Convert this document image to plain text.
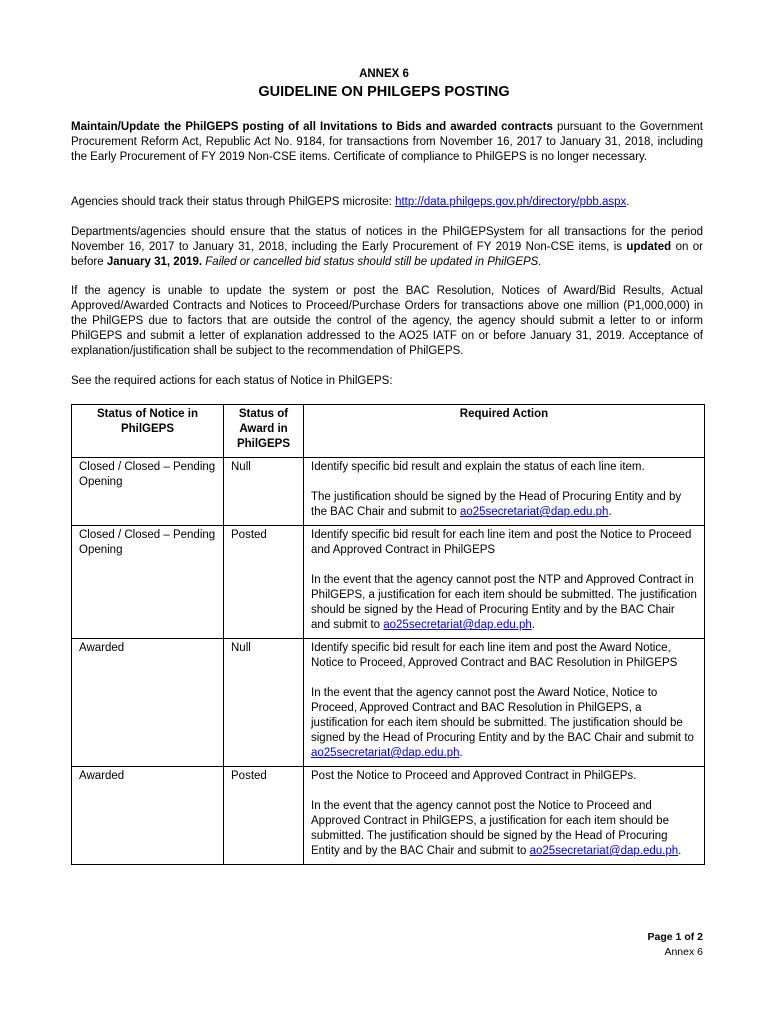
ANNEX 6
GUIDELINE ON PHILGEPS POSTING
Maintain/Update the PhilGEPS posting of all Invitations to Bids and awarded contracts pursuant to the Government Procurement Reform Act, Republic Act No. 9184, for transactions from November 16, 2017 to January 31, 2018, including the Early Procurement of FY 2019 Non-CSE items. Certificate of compliance to PhilGEPS is no longer necessary.
Agencies should track their status through PhilGEPS microsite: http://data.philgeps.gov.ph/directory/pbb.aspx.
Departments/agencies should ensure that the status of notices in the PhilGEPSystem for all transactions for the period November 16, 2017 to January 31, 2018, including the Early Procurement of FY 2019 Non-CSE items, is updated on or before January 31, 2019. Failed or cancelled bid status should still be updated in PhilGEPS.
If the agency is unable to update the system or post the BAC Resolution, Notices of Award/Bid Results, Actual Approved/Awarded Contracts and Notices to Proceed/Purchase Orders for transactions above one million (P1,000,000) in the PhilGEPS due to factors that are outside the control of the agency, the agency should submit a letter to or inform PhilGEPS and submit a letter of explanation addressed to the AO25 IATF on or before January 31, 2019. Acceptance of explanation/justification shall be subject to the recommendation of PhilGEPS.
See the required actions for each status of Notice in PhilGEPS:
Status of Notice in PhilGEPS	Status of Award in PhilGEPS	Required Action
Closed / Closed – Pending Opening	Null	Identify specific bid result and explain the status of each line item.
The justification should be signed by the Head of Procuring Entity and by the BAC Chair and submit to ao25secretariat@dap.edu.ph.

Closed / Closed – Pending Opening	Posted	Identify specific bid result for each line item and post the Notice to Proceed and Approved Contract in PhilGEPS
In the event that the agency cannot post the NTP and Approved Contract in PhilGEPS, a justification for each item should be submitted. The justification should be signed by the Head of Procuring Entity and by the BAC Chair and submit to ao25secretariat@dap.edu.ph.

Awarded	Null	Identify specific bid result for each line item and post the Award Notice, Notice to Proceed, Approved Contract and BAC Resolution in PhilGEPS
In the event that the agency cannot post the Award Notice, Notice to Proceed, Approved Contract and BAC Resolution in PhilGEPS, a justification for each item should be submitted. The justification should be signed by the Head of Procuring Entity and by the BAC Chair and submit to ao25secretariat@dap.edu.ph.

Awarded	Posted	Post the Notice to Proceed and Approved Contract in PhilGEPs.
In the event that the agency cannot post the Notice to Proceed and Approved Contract in PhilGEPS, a justification for each item should be submitted. The justification should be signed by the Head of Procuring Entity and by the BAC Chair and submit to ao25secretariat@dap.edu.ph.
Page 1 of 2
Annex 6
